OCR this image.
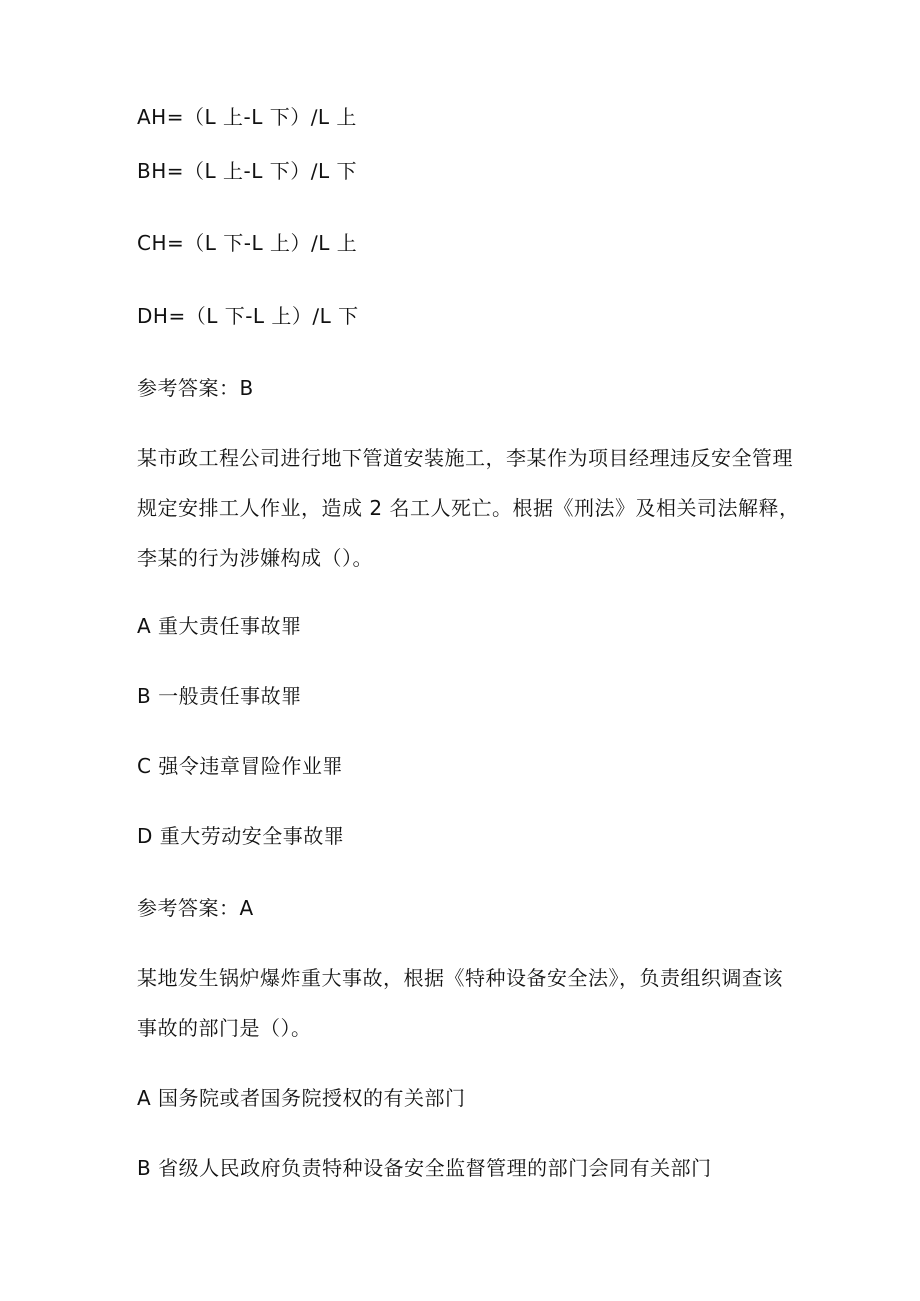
AH=（L 上-L 下）∕L 上
BH=（L 上-L 下）∕L 下
CH=（L 下-L 上）∕L 上
DH=（L 下-L 上）∕L 下
参考答案：B
某市政工程公司进行地下管道安装施工，李某作为项目经理违反安全管理
规定安排工人作业，造成 2 名工人死亡。根据《刑法》及相关司法解释，
李某的行为涉嫌构成（）。
A 重大责任事故罪
B 一般责任事故罪
C 强令违章冒险作业罪
D 重大劳动安全事故罪
参考答案：A
某地发生锅炉爆炸重大事故，根据《特种设备安全法》，负责组织调查该
事故的部门是（）。
A 国务院或者国务院授权的有关部门
B 省级人民政府负责特种设备安全监督管理的部门会同有关部门
